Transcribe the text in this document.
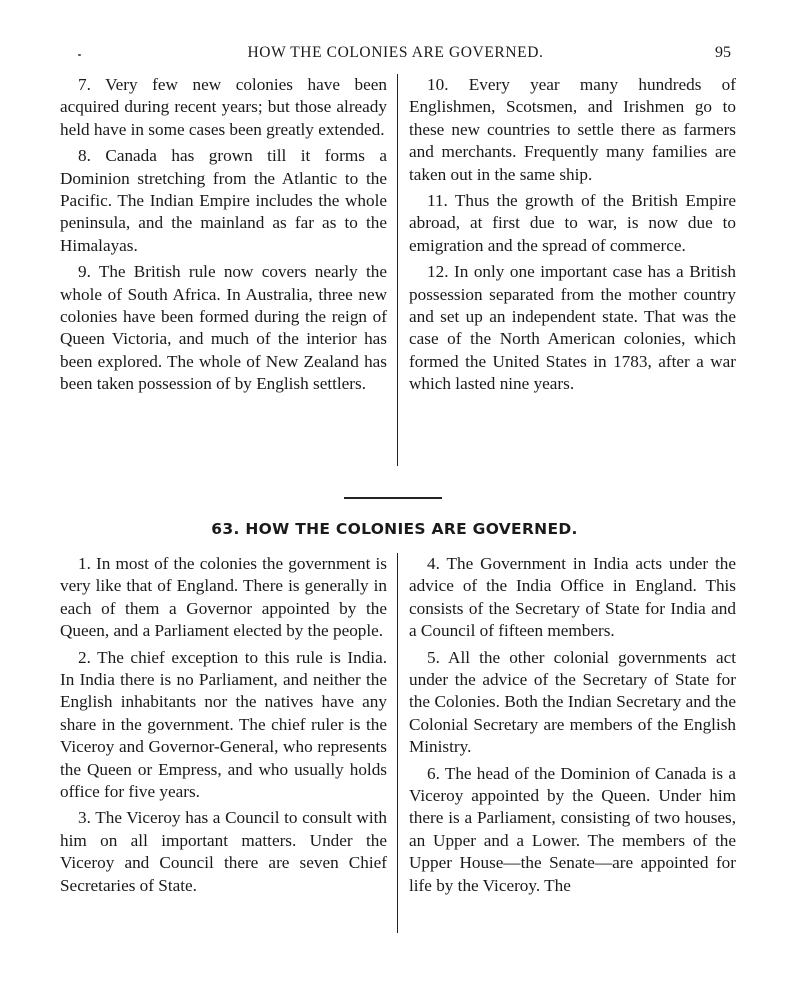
HOW THE COLONIES ARE GOVERNED.	95

7. Very few new colonies have been acquired during recent years; but those already held have in some cases been greatly extended.

8. Canada has grown till it forms a Dominion stretching from the Atlantic to the Pacific. The Indian Empire includes the whole peninsula, and the mainland as far as to the Himalayas.

9. The British rule now covers nearly the whole of South Africa. In Australia, three new colonies have been formed during the reign of Queen Victoria, and much of the interior has been explored. The whole of New Zealand has been taken possession of by English settlers.

10. Every year many hundreds of Englishmen, Scotsmen, and Irishmen go to these new countries to settle there as farmers and merchants. Frequently many families are taken out in the same ship.

11. Thus the growth of the British Empire abroad, at first due to war, is now due to emigration and the spread of commerce.

12. In only one important case has a British possession separated from the mother country and set up an independent state. That was the case of the North American colonies, which formed the United States in 1783, after a war which lasted nine years.

63. HOW THE COLONIES ARE GOVERNED.

1. In most of the colonies the government is very like that of England. There is generally in each of them a Governor appointed by the Queen, and a Parliament elected by the people.

2. The chief exception to this rule is India. In India there is no Parliament, and neither the English inhabitants nor the natives have any share in the government. The chief ruler is the Viceroy and Governor-General, who represents the Queen or Empress, and who usually holds office for five years.

3. The Viceroy has a Council to consult with him on all important matters. Under the Viceroy and Council there are seven Chief Secretaries of State.

4. The Government in India acts under the advice of the India Office in England. This consists of the Secretary of State for India and a Council of fifteen members.

5. All the other colonial governments act under the advice of the Secretary of State for the Colonies. Both the Indian Secretary and the Colonial Secretary are members of the English Ministry.

6. The head of the Dominion of Canada is a Viceroy appointed by the Queen. Under him there is a Parliament, consisting of two houses, an Upper and a Lower. The members of the Upper House—the Senate—are appointed for life by the Viceroy. The
